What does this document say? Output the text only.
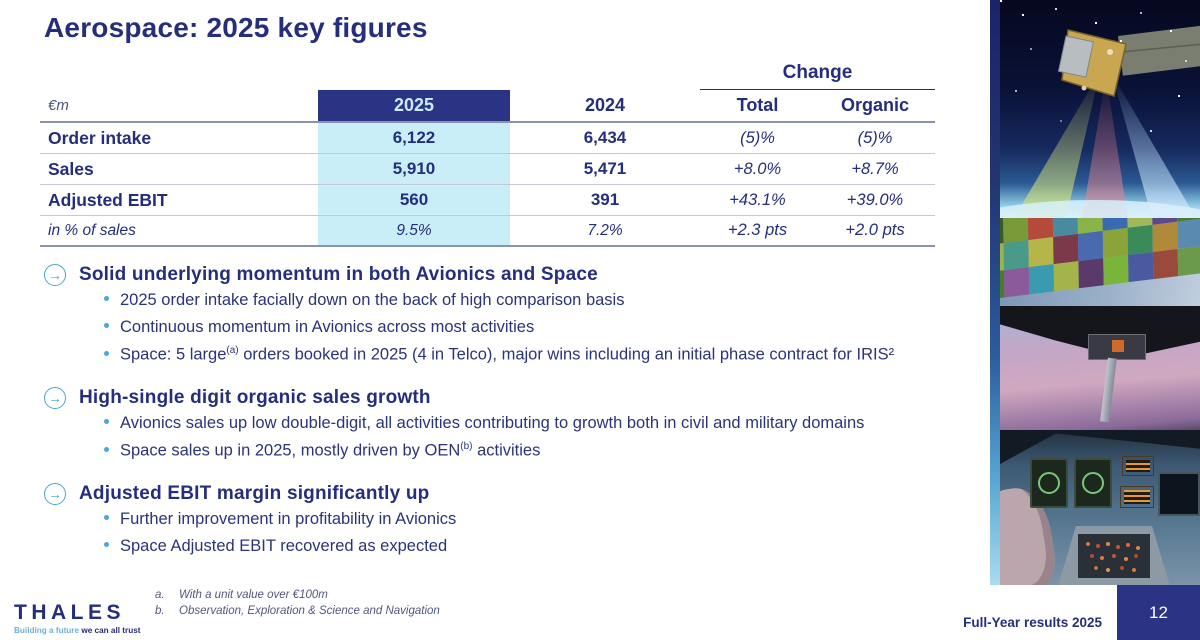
Aerospace: 2025 key figures
Change
€m	2025	2024	Total	Organic
Order intake	6,122	6,434	(5)%	(5)%
Sales	5,910	5,471	+8.0%	+8.7%
Adjusted EBIT	560	391	+43.1%	+39.0%
in % of sales	9.5%	7.2%	+2.3 pts	+2.0 pts
→ Solid underlying momentum in both Avionics and Space
2025 order intake facially down on the back of high comparison basis
Continuous momentum in Avionics across most activities
Space: 5 large$^{(a)}$ orders booked in 2025 (4 in Telco), major wins including an initial phase contract for IRIS²
→ High-single digit organic sales growth
Avionics sales up low double-digit, all activities contributing to growth both in civil and military domains
Space sales up in 2025, mostly driven by OEN$^{(b)}$ activities
→ Adjusted EBIT margin significantly up
Further improvement in profitability in Avionics
Space Adjusted EBIT recovered as expected
a.	With a unit value over €100m
b.	Observation, Exploration & Science and Navigation
THALES
Building a future we can all trust
Full-Year results 2025
12
